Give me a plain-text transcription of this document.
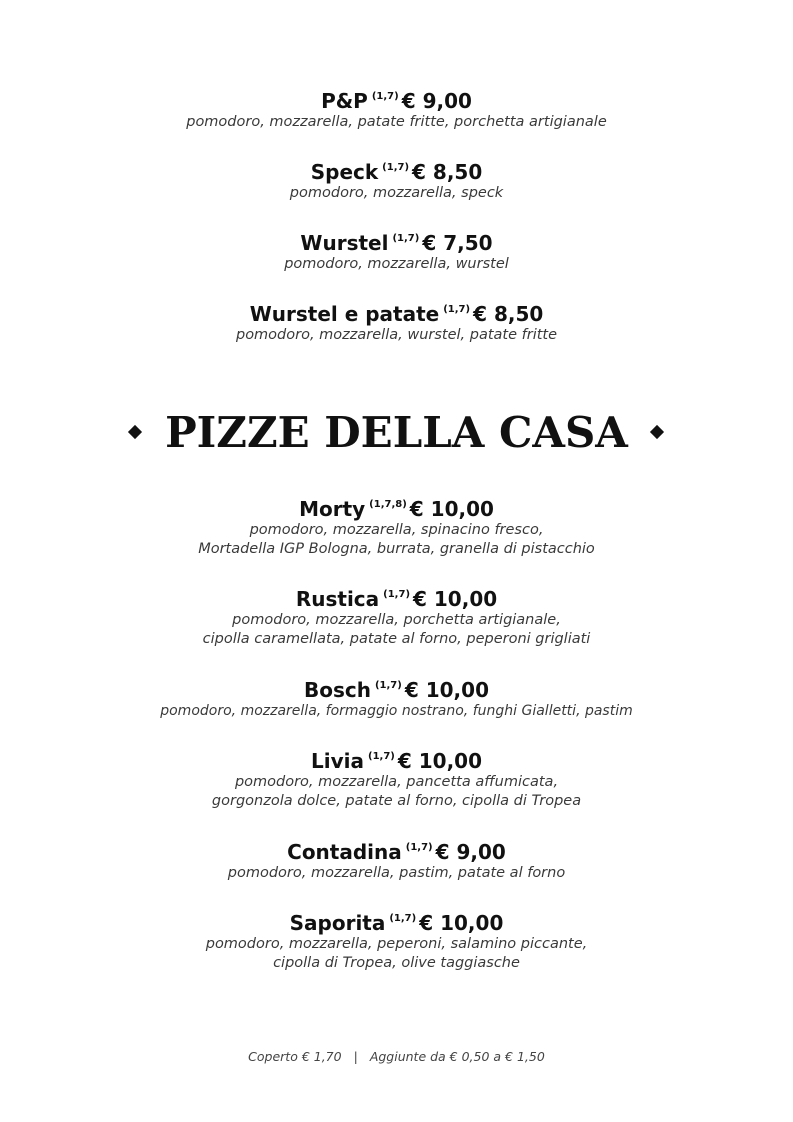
P&P $^{(1,7)}$ € 9,00
pomodoro, mozzarella, patate fritte, porchetta artigianale
Speck $^{(1,7)}$ € 8,50
pomodoro, mozzarella, speck
Wurstel $^{(1,7)}$ € 7,50
pomodoro, mozzarella, wurstel
Wurstel e patate $^{(1,7)}$ € 8,50
pomodoro, mozzarella, wurstel, patate fritte
PIZZE DELLA CASA
Morty $^{(1,7,8)}$ € 10,00
pomodoro, mozzarella, spinacino fresco,
Mortadella IGP Bologna, burrata, granella di pistacchio
Rustica $^{(1,7)}$ € 10,00
pomodoro, mozzarella, porchetta artigianale,
cipolla caramellata, patate al forno, peperoni grigliati
Bosch $^{(1,7)}$ € 10,00
pomodoro, mozzarella, formaggio nostrano, funghi Gialletti, pastim
Livia $^{(1,7)}$ € 10,00
pomodoro, mozzarella, pancetta affumicata,
gorgonzola dolce, patate al forno, cipolla di Tropea
Contadina $^{(1,7)}$ € 9,00
pomodoro, mozzarella, pastim, patate al forno
Saporita $^{(1,7)}$ € 10,00
pomodoro, mozzarella, peperoni, salamino piccante,
cipolla di Tropea, olive taggiasche
Coperto € 1,70 | Aggiunte da € 0,50 a € 1,50
